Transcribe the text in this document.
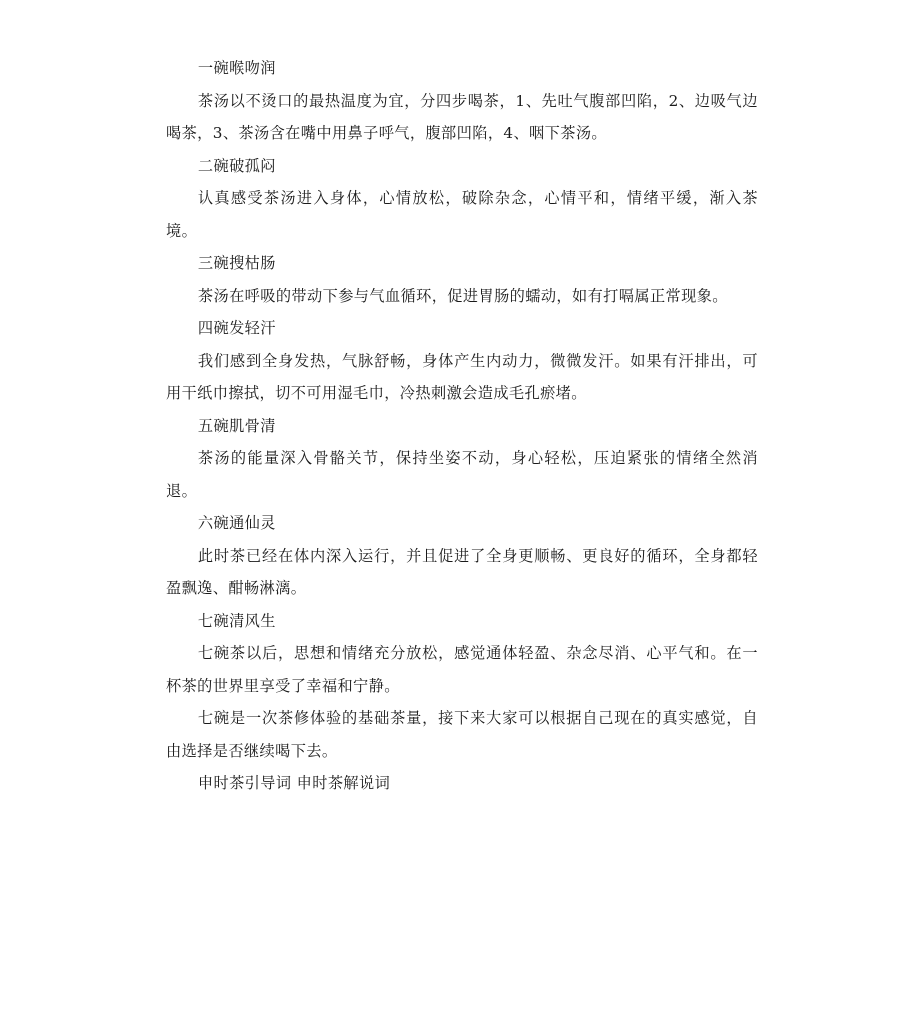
一碗喉吻润

茶汤以不烫口的最热温度为宜，分四步喝茶，1、先吐气腹部凹陷，2、边吸气边喝茶，3、茶汤含在嘴中用鼻子呼气，腹部凹陷，4、咽下茶汤。

二碗破孤闷

认真感受茶汤进入身体，心情放松，破除杂念，心情平和，情绪平缓，渐入茶境。

三碗搜枯肠

茶汤在呼吸的带动下参与气血循环，促进胃肠的蠕动，如有打嗝属正常现象。

四碗发轻汗

我们感到全身发热，气脉舒畅，身体产生内动力，微微发汗。如果有汗排出，可用干纸巾擦拭，切不可用湿毛巾，冷热刺激会造成毛孔瘀堵。

五碗肌骨清

茶汤的能量深入骨骼关节，保持坐姿不动，身心轻松，压迫紧张的情绪全然消退。

六碗通仙灵

此时茶已经在体内深入运行，并且促进了全身更顺畅、更良好的循环，全身都轻盈飘逸、酣畅淋漓。

七碗清风生

七碗茶以后，思想和情绪充分放松，感觉通体轻盈、杂念尽消、心平气和。在一杯茶的世界里享受了幸福和宁静。

七碗是一次茶修体验的基础茶量，接下来大家可以根据自己现在的真实感觉，自由选择是否继续喝下去。

申时茶引导词 申时茶解说词
